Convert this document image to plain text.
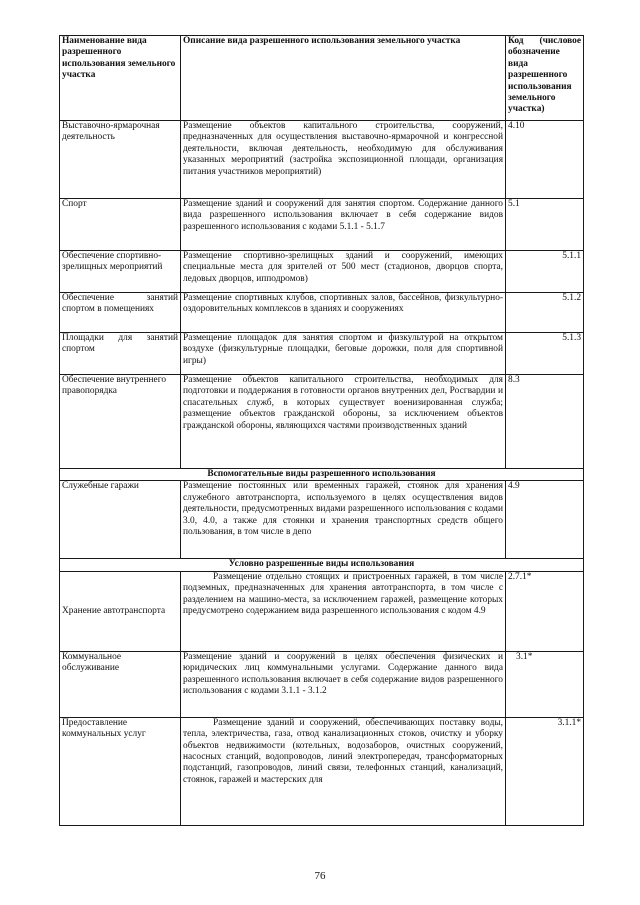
Наименование вида разрешенного использования земельного участка	Описание вида разрешенного использования земельного участка	Код (числовое обозначение вида разрешенного использования земельного участка)
Выставочно-ярмарочная деятельность	Размещение объектов капитального строительства, сооружений, предназначенных для осуществления выставочно-ярмарочной и конгрессной деятельности, включая деятельность, необходимую для обслуживания указанных мероприятий (застройка экспозиционной площади, организация питания участников мероприятий)	4.10
Спорт	Размещение зданий и сооружений для занятия спортом. Содержание данного вида разрешенного использования включает в себя содержание видов разрешенного использования с кодами 5.1.1 - 5.1.7	5.1
Обеспечение спортивно-зрелищных мероприятий	Размещение спортивно-зрелищных зданий и сооружений, имеющих специальные места для зрителей от 500 мест (стадионов, дворцов спорта, ледовых дворцов, ипподромов)	5.1.1
Обеспечение занятий спортом в помещениях	Размещение спортивных клубов, спортивных залов, бассейнов, физкультурно-оздоровительных комплексов в зданиях и сооружениях	5.1.2
Площадки для занятий спортом	Размещение площадок для занятия спортом и физкультурой на открытом воздухе (физкультурные площадки, беговые дорожки, поля для спортивной игры)	5.1.3
Обеспечение внутреннего правопорядка	Размещение объектов капитального строительства, необходимых для подготовки и поддержания в готовности органов внутренних дел, Росгвардии и спасательных служб, в которых существует военизированная служба; размещение объектов гражданской обороны, за исключением объектов гражданской обороны, являющихся частями производственных зданий	8.3
Вспомогательные виды разрешенного использования		
Служебные гаражи	Размещение постоянных или временных гаражей, стоянок для хранения служебного автотранспорта, используемого в целях осуществления видов деятельности, предусмотренных видами разрешенного использования с кодами 3.0, 4.0, а также для стоянки и хранения транспортных средств общего пользования, в том числе в депо	4.9
Условно разрешенные виды использования		
Хранение автотранспорта	Размещение отдельно стоящих и пристроенных гаражей, в том числе подземных, предназначенных для хранения автотранспорта, в том числе с разделением на машино-места, за исключением гаражей, размещение которых предусмотрено содержанием вида разрешенного использования с кодом 4.9	2.7.1*
Коммунальное обслуживание	Размещение зданий и сооружений в целях обеспечения физических и юридических лиц коммунальными услугами. Содержание данного вида разрешенного использования включает в себя содержание видов разрешенного использования с кодами 3.1.1 - 3.1.2	3.1*
Предоставление коммунальных услуг	Размещение зданий и сооружений, обеспечивающих поставку воды, тепла, электричества, газа, отвод канализационных стоков, очистку и уборку объектов недвижимости (котельных, водозаборов, очистных сооружений, насосных станций, водопроводов, линий электропередач, трансформаторных подстанций, газопроводов, линий связи, телефонных станций, канализаций, стоянок, гаражей и мастерских для	3.1.1*
76
